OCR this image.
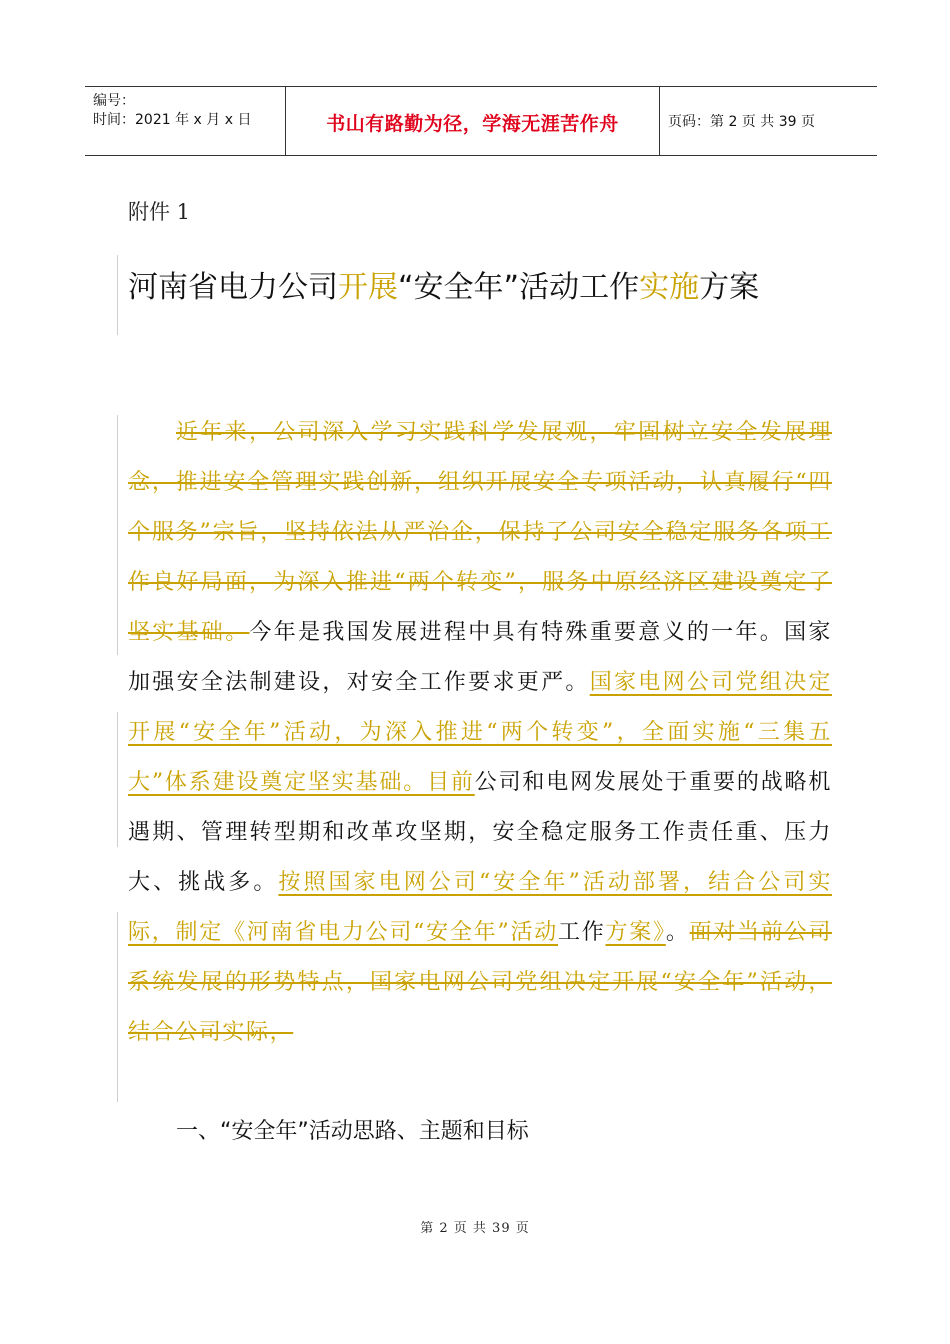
编号：
时间：2021 年 x 月 x 日	书山有路勤为径，学海无涯苦作舟	页码：第 2 页 共 39 页
附件 1
河南省电力公司开展“安全年”活动工作实施方案
近年来，公司深入学习实践科学发展观，牢固树立安全发展理念，推进安全管理实践创新，组织开展安全专项活动，认真履行“四个服务”宗旨，坚持依法从严治企，保持了公司安全稳定服务各项工作良好局面，为深入推进“两个转变”，服务中原经济区建设奠定了坚实基础。今年是我国发展进程中具有特殊重要意义的一年。国家加强安全法制建设，对安全工作要求更严。国家电网公司党组决定开展“安全年”活动，为深入推进“两个转变”，全面实施“三集五大”体系建设奠定坚实基础。目前公司和电网发展处于重要的战略机遇期、管理转型期和改革攻坚期，安全稳定服务工作责任重、压力大、挑战多。按照国家电网公司“安全年”活动部署，结合公司实际，制定《河南省电力公司“安全年”活动工作方案》。面对当前公司系统发展的形势特点，国家电网公司党组决定开展“安全年”活动，结合公司实际，
一、“安全年”活动思路、主题和目标
第 2 页 共 39 页
